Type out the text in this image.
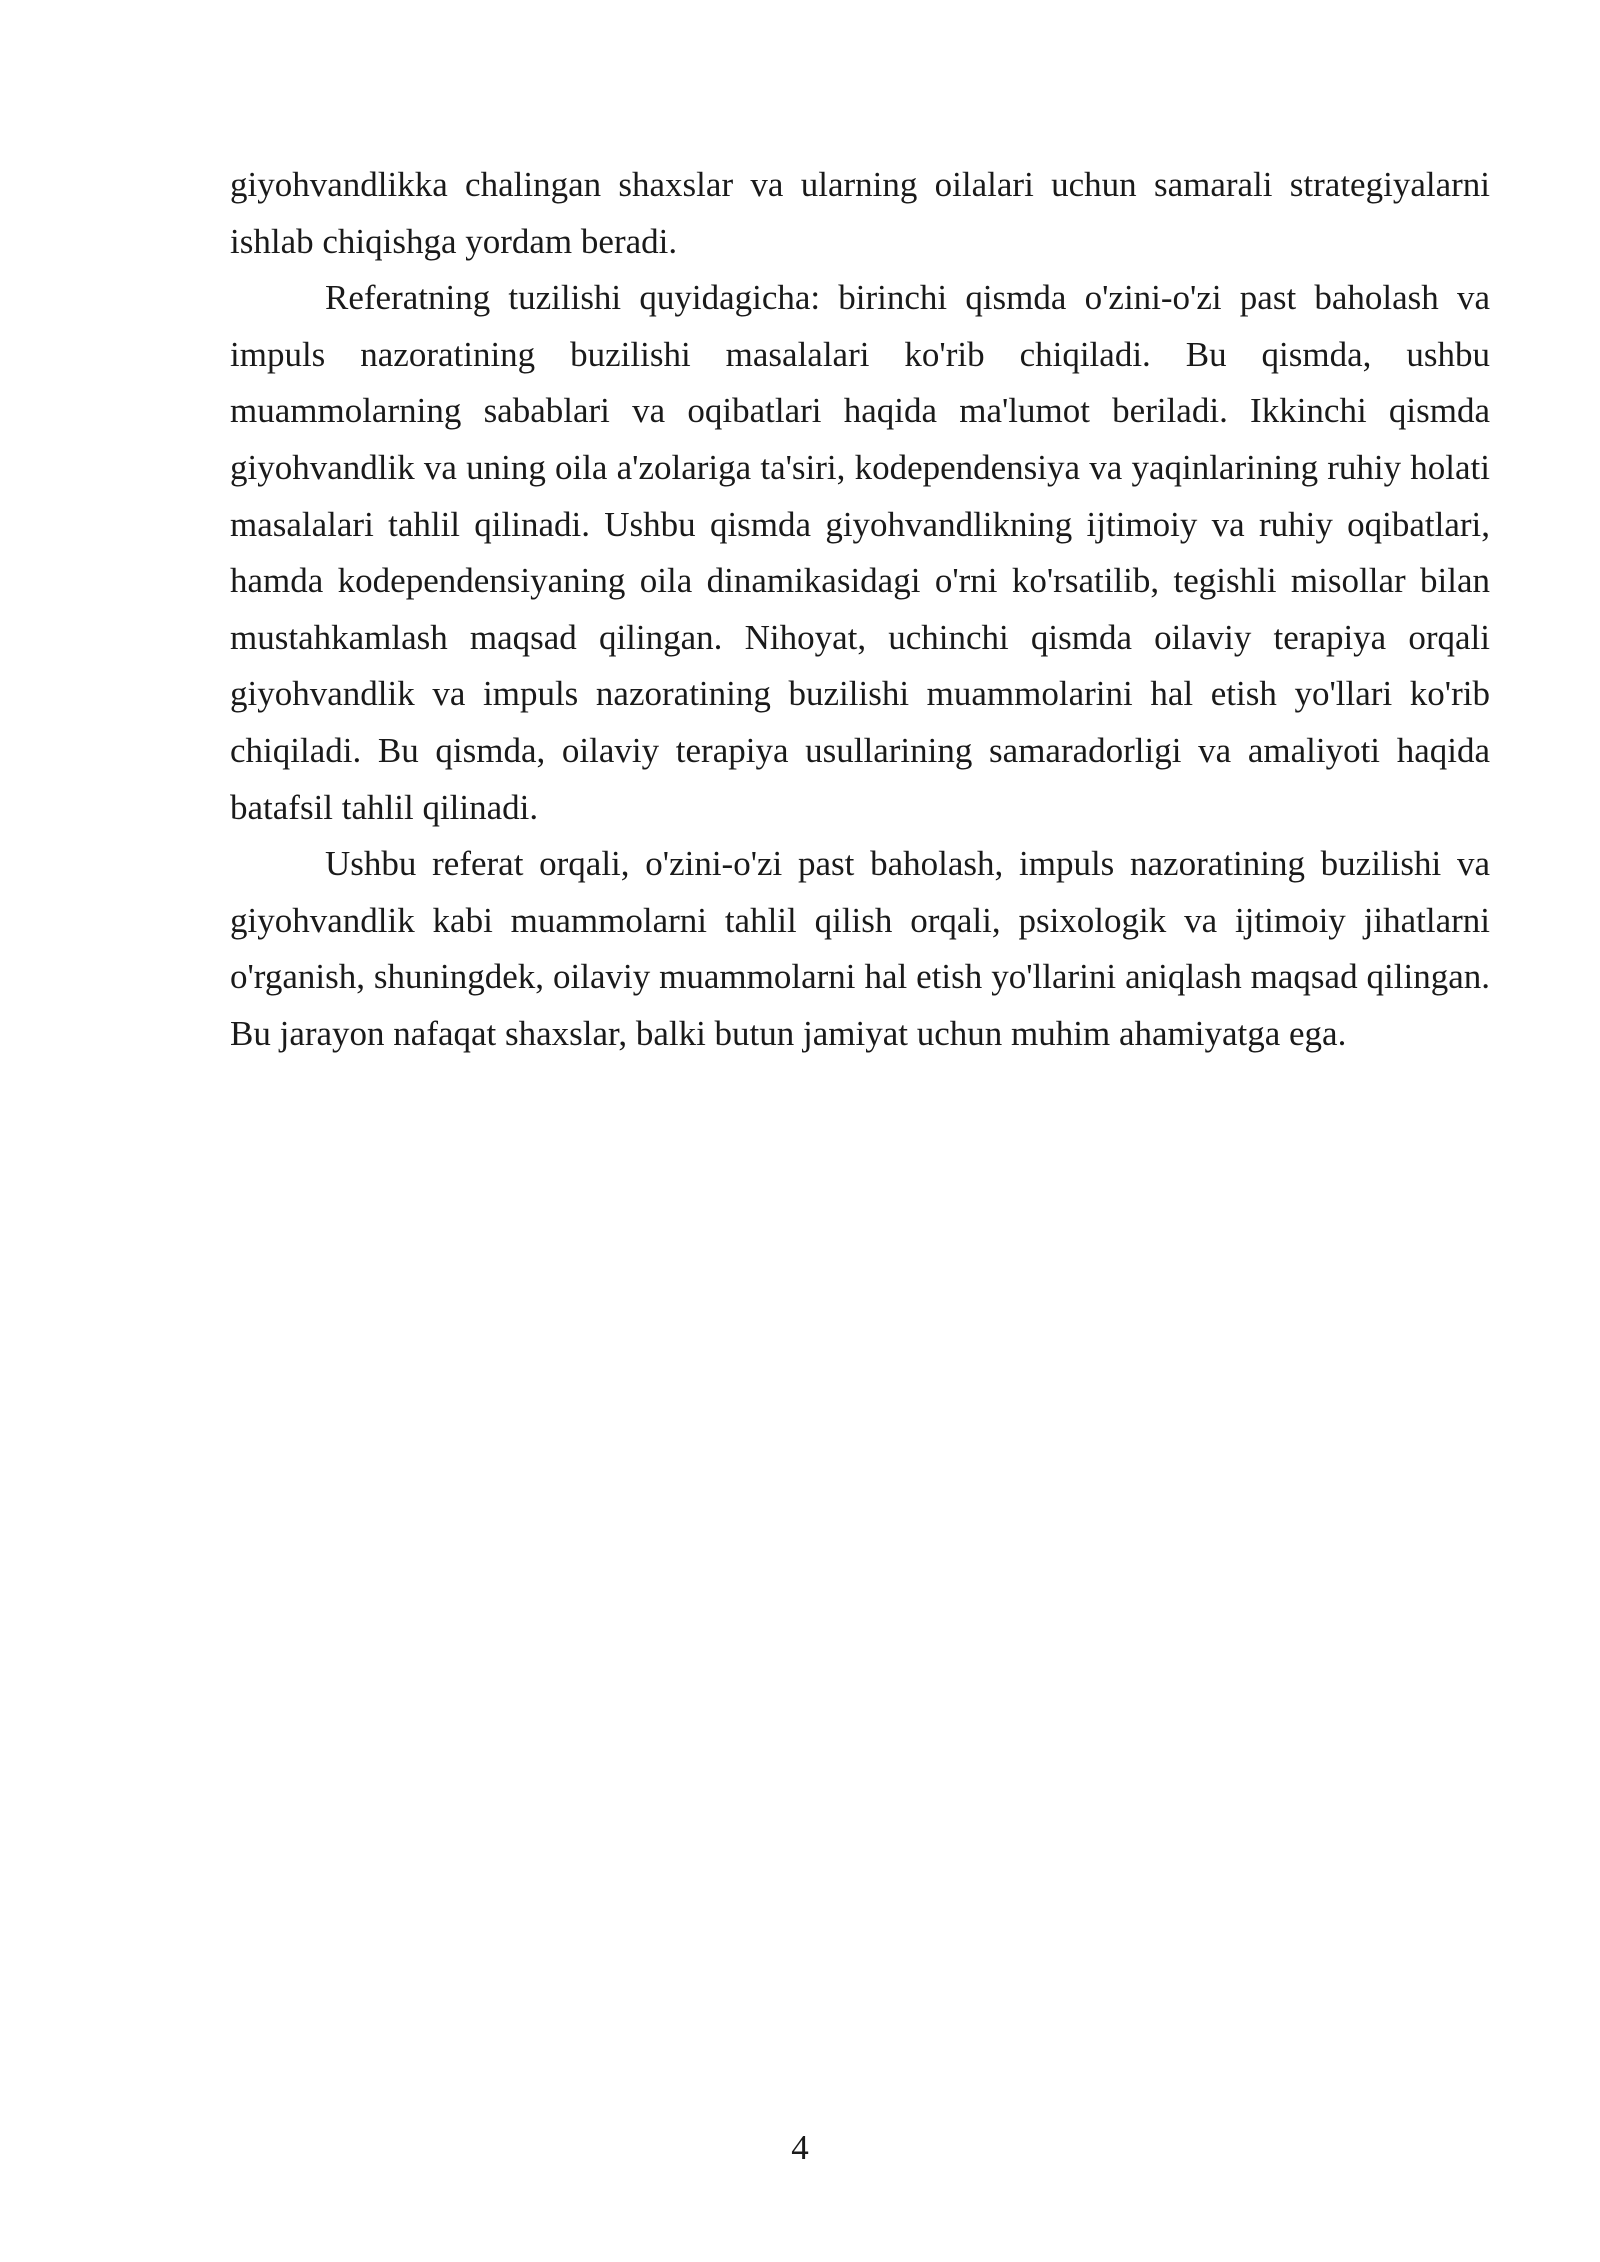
giyohvandlikka chalingan shaxslar va ularning oilalari uchun samarali strategiyalarni ishlab chiqishga yordam beradi.

Referatning tuzilishi quyidagicha: birinchi qismda o'zini-o'zi past baholash va impuls nazoratining buzilishi masalalari ko'rib chiqiladi. Bu qismda, ushbu muammolarning sabablari va oqibatlari haqida ma'lumot beriladi. Ikkinchi qismda giyohvandlik va uning oila a'zolariga ta'siri, kodependensiya va yaqinlarining ruhiy holati masalalari tahlil qilinadi. Ushbu qismda giyohvandlikning ijtimoiy va ruhiy oqibatlari, hamda kodependensiyaning oila dinamikasidagi o'rni ko'rsatilib, tegishli misollar bilan mustahkamlash maqsad qilingan. Nihoyat, uchinchi qismda oilaviy terapiya orqali giyohvandlik va impuls nazoratining buzilishi muammolarini hal etish yo'llari ko'rib chiqiladi. Bu qismda, oilaviy terapiya usullarining samaradorligi va amaliyoti haqida batafsil tahlil qilinadi.

Ushbu referat orqali, o'zini-o'zi past baholash, impuls nazoratining buzilishi va giyohvandlik kabi muammolarni tahlil qilish orqali, psixologik va ijtimoiy jihatlarni o'rganish, shuningdek, oilaviy muammolarni hal etish yo'llarini aniqlash maqsad qilingan. Bu jarayon nafaqat shaxslar, balki butun jamiyat uchun muhim ahamiyatga ega.

4
